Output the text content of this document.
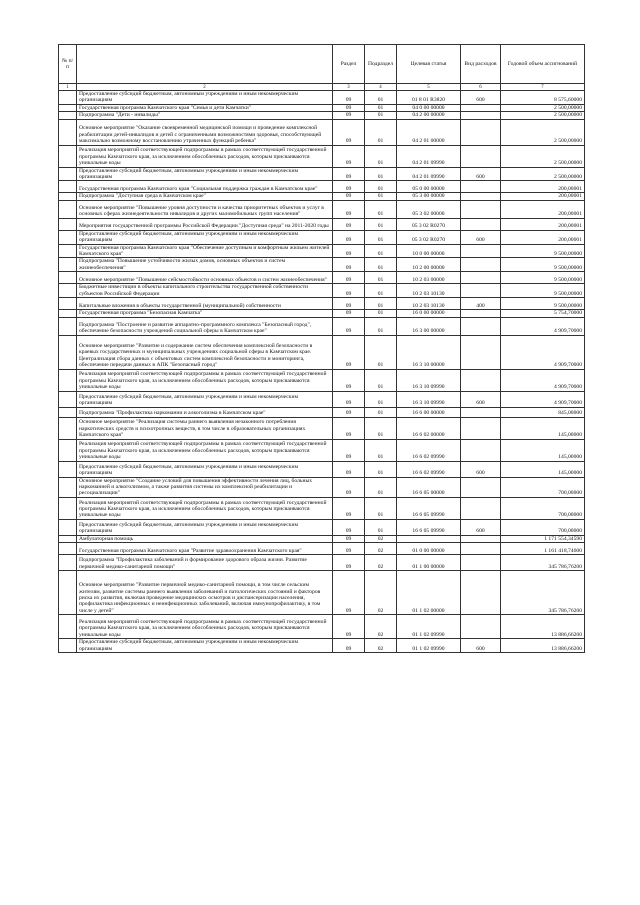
№ п/п		Раздел	Подраздел	Целевая статья	Вид расходов	Годовой объем ассигнований
1	2	3	4	5	6	7
	Предоставление субсидий бюджетным, автономным учреждениям и иным некоммерческим организациям	09	01	01 8 01 R3820	600	8 575,60000
	Государственная программа Камчатского края "Семья и дети Камчатки"	09	01	04 0 00 00000		2 500,00000
	Подпрограмма "Дети - инвалиды"	09	01	04 2 00 00000		2 500,00000
	Основное мероприятие "Оказание своевременной медицинской помощи и проведение комплексной реабилитации детей-инвалидов и детей с ограниченными возможностями здоровья, способствующей максимально возможному восстановлению утраченных функций ребенка"	09	01	04 2 01 00000		2 500,00000
	Реализация мероприятий соответствующей подпрограммы в рамках соответствующей государственной программы Камчатского края, за исключением обособленных расходов, которым присваиваются уникальные коды	09	01	04 2 01 09990		2 500,00000
	Предоставление субсидий бюджетным, автономным учреждениям и иным некоммерческим организациям	09	01	04 2 01 09990	600	2 500,00000
	Государственная программа Камчатского края "Социальная поддержка граждан в Камчатском крае"	09	01	05 0 00 00000		200,00001
	Подпрограмма "Доступная среда в Камчатском крае"	09	01	05 3 00 00000		200,00001
	Основное мероприятие "Повышение уровня доступности и качества приоритетных объектов и услуг в основных сферах жизнедеятельности инвалидов и других маломобильных групп населения"	09	01	05 3 02 00000		200,00001
	Мероприятия государственной программы Российской Федерации "Доступная среда" на 2011-2020 годы	09	01	05 3 02 R0270		200,00001
	Предоставление субсидий бюджетным, автономным учреждениям и иным некоммерческим организациям	09	01	05 3 02 R0270	600	200,00001
	Государственная программа Камчатского края "Обеспечение доступным и комфортным жильем жителей Камчатского края"	09	01	10 0 00 00000		9 500,00000
	Подпрограмма "Повышение устойчивости жилых домов, основных объектов и систем жизнеобеспечения"	09	01	10 2 00 00000		9 500,00000
	Основное мероприятие "Повышение сейсмостойкости основных объектов и систем жизнеобеспечения"	09	01	10 2 03 00000		9 500,00000
	Бюджетные инвестиции в объекты капитального строительства государственной собственности субъектов Российской Федерации	09	01	10 2 03 10130		9 500,00000
	Капитальные вложения в объекты государственной (муниципальной) собственности	09	01	10 2 03 10130	400	9 500,00000
	Государственная программа "Безопасная Камчатка"	09	01	16 0 00 00000		5 754,70000
	Подпрограмма "Построение и развитие аппаратно-программного комплекса "Безопасный город", обеспечение безопасности учреждений социальной сферы в Камчатском крае"	09	01	16 3 00 00000		4 909,70000
	Основное мероприятие "Развитие и содержание систем обеспечения комплексной безопасности в краевых государственных и муниципальных учреждениях социальной сферы в Камчатском крае. Централизация сбора данных с объектовых систем комплексной безопасности и мониторинга, обеспечение передачи данных в АПК "Безопасный город"	09	01	16 3 10 00000		4 909,70000
	Реализация мероприятий соответствующей подпрограммы в рамках соответствующей государственной программы Камчатского края, за исключением обособленных расходов, которым присваиваются уникальные коды	09	01	16 3 10 09990		4 909,70000
	Предоставление субсидий бюджетным, автономным учреждениям и иным некоммерческим организациям	09	01	16 3 10 09990	600	4 909,70000
	Подпрограмма "Профилактика наркомании и алкоголизма в Камчатском крае"	09	01	16 6 00 00000		845,00000
	Основное мероприятие "Реализация системы раннего выявления незаконного потребления наркотических средств и психотропных веществ, в том числе в образовательных организациях Камчатского края"	09	01	16 6 02 00000		145,00000
	Реализация мероприятий соответствующей подпрограммы в рамках соответствующей государственной программы Камчатского края, за исключением обособленных расходов, которым присваиваются уникальные коды	09	01	16 6 02 09990		145,00000
	Предоставление субсидий бюджетным, автономным учреждениям и иным некоммерческим организациям	09	01	16 6 02 09990	600	145,00000
	Основное мероприятие "Создание условий для повышения эффективности лечения лиц, больных наркоманией и алкоголизмом, а также развития системы их комплексной реабилитации и ресоциализации"	09	01	16 6 05 00000		700,00000
	Реализация мероприятий соответствующей подпрограммы в рамках соответствующей государственной программы Камчатского края, за исключением обособленных расходов, которым присваиваются уникальные коды	09	01	16 6 05 09990		700,00000
	Предоставление субсидий бюджетным, автономным учреждениям и иным некоммерческим организациям	09	01	16 6 05 09990	600	700,00000
	Амбулаторная помощь	09	02			1 171 554,34590
	Государственная программа Камчатского края "Развитие здравоохранения Камчатского края"	09	02	01 0 00 00000		1 161 418,74600
	Подпрограмма "Профилактика заболеваний и формирование здорового образа жизни. Развитие первичной медико-санитарной помощи"	09	02	01 1 00 00000		345 786,76200
	Основное мероприятие "Развитие первичной медико-санитарной помощи, в том числе сельским жителям, развитие системы раннего выявления заболеваний и патологических состояний и факторов риска их развития, включая проведение медицинских осмотров и диспансеризации населения, профилактика инфекционных и неинфекционных заболеваний, включая иммунопрофилактику, в том числе у детей"	09	02	01 1 02 00000		345 786,76200
	Реализация мероприятий соответствующей подпрограммы в рамках соответствующей государственной программы Камчатского края, за исключением обособленных расходов, которым присваиваются уникальные коды	09	02	01 1 02 09990		13 886,66200
	Предоставление субсидий бюджетным, автономным учреждениям и иным некоммерческим организациям	09	02	01 1 02 09990	600	13 886,66200
